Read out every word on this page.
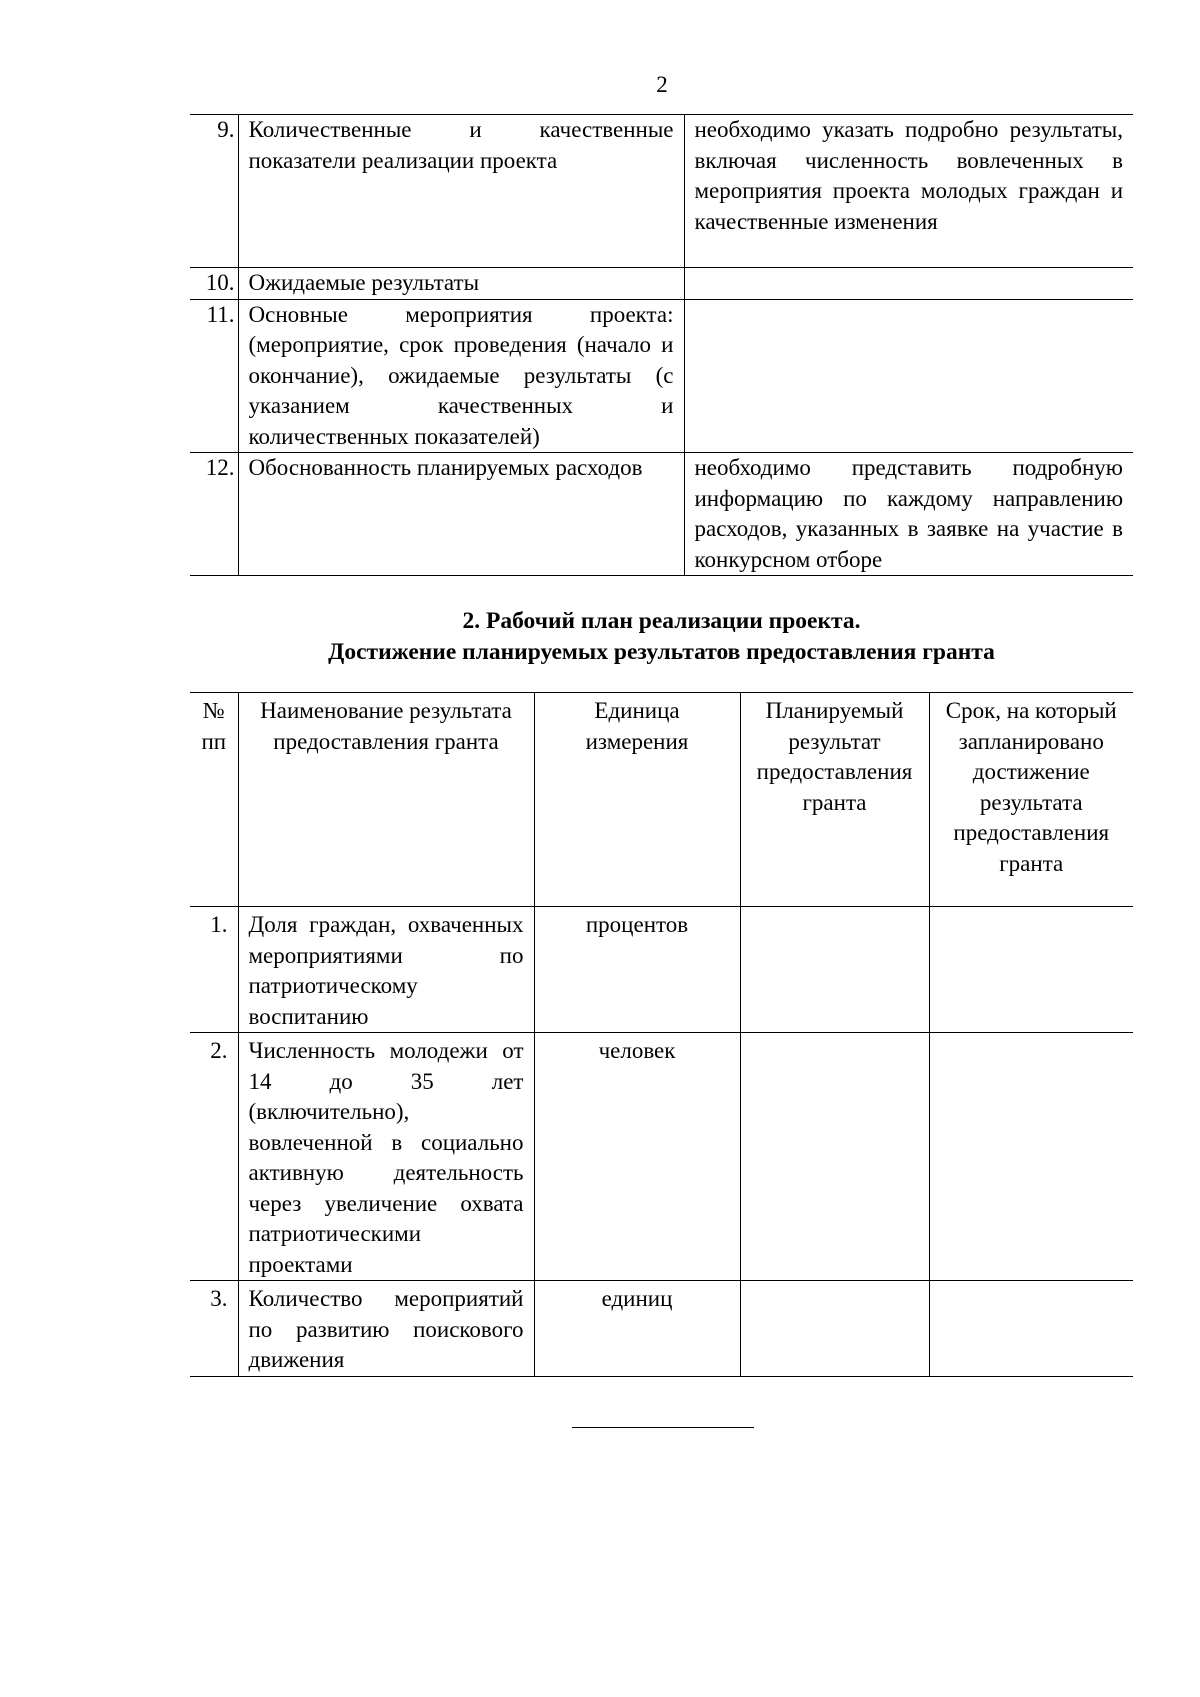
2
9.	Количественные и качественные показатели реализации проекта	необходимо указать подробно результаты, включая численность вовлеченных в мероприятия проекта молодых граждан и качественные изменения
10.	Ожидаемые результаты	
11.	Основные мероприятия проекта: (мероприятие, срок проведения (начало и окончание), ожидаемые результаты (с указанием качественных и количественных показателей)	
12.	Обоснованность планируемых расходов	необходимо представить подробную информацию по каждому направлению расходов, указанных в заявке на участие в конкурсном отборе
2. Рабочий план реализации проекта.
Достижение планируемых результатов предоставления гранта
№ пп	Наименование результата предоставления гранта	Единица измерения	Планируемый результат предоставления гранта	Срок, на который запланировано достижение результата предоставления гранта
1.	Доля граждан, охваченных мероприятиями по патриотическому воспитанию	процентов		
2.	Численность молодежи от 14 до 35 лет (включительно), вовлеченной в социально активную деятельность через увеличение охвата патриотическими проектами	человек		
3.	Количество мероприятий по развитию поискового движения	единиц		
